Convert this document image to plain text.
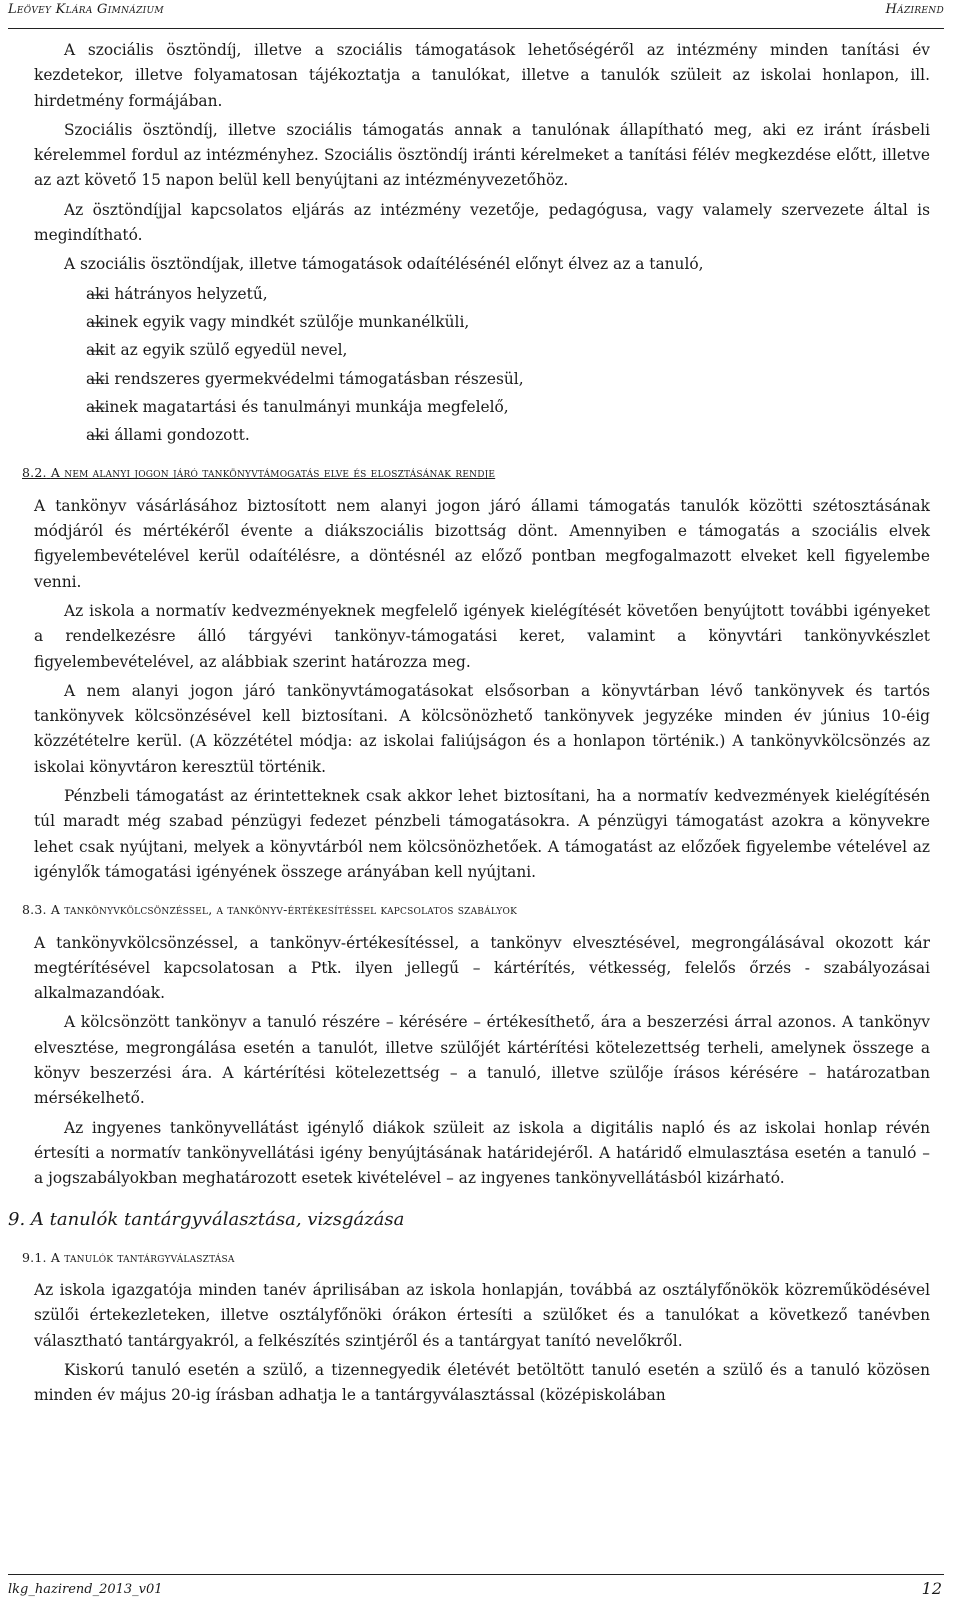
Leövey Klára Gimnázium	Házirend

A szociális ösztöndíj, illetve a szociális támogatások lehetőségéről az intézmény minden tanítási év kezdetekor, illetve folyamatosan tájékoztatja a tanulókat, illetve a tanulók szüleit az iskolai honlapon, ill. hirdetmény formájában.

Szociális ösztöndíj, illetve szociális támogatás annak a tanulónak állapítható meg, aki ez iránt írásbeli kérelemmel fordul az intézményhez. Szociális ösztöndíj iránti kérelmeket a tanítási félév megkezdése előtt, illetve az azt követő 15 napon belül kell benyújtani az intézményvezetőhöz.

Az ösztöndíjjal kapcsolatos eljárás az intézmény vezetője, pedagógusa, vagy valamely szervezete által is megindítható.

A szociális ösztöndíjak, illetve támogatások odaítélésénél előnyt élvez az a tanuló,

— aki hátrányos helyzetű,
— akinek egyik vagy mindkét szülője munkanélküli,
— akit az egyik szülő egyedül nevel,
— aki rendszeres gyermekvédelmi támogatásban részesül,
— akinek magatartási és tanulmányi munkája megfelelő,
— aki állami gondozott.
8.2. A nem alanyi jogon járó tankönyvtámogatás elve és elosztásának rendje

A tankönyv vásárlásához biztosított nem alanyi jogon járó állami támogatás tanulók közötti szétosztásának módjáról és mértékéről évente a diákszociális bizottság dönt. Amennyiben e támogatás a szociális elvek figyelembevételével kerül odaítélésre, a döntésnél az előző pontban megfogalmazott elveket kell figyelembe venni.

Az iskola a normatív kedvezményeknek megfelelő igények kielégítését követően benyújtott további igényeket a rendelkezésre álló tárgyévi tankönyv-támogatási keret, valamint a könyvtári tankönyvkészlet figyelembevételével, az alábbiak szerint határozza meg.

A nem alanyi jogon járó tankönyvtámogatásokat elsősorban a könyvtárban lévő tankönyvek és tartós tankönyvek kölcsönzésével kell biztosítani. A kölcsönözhető tankönyvek jegyzéke minden év június 10-éig közzétételre kerül. (A közzététel módja: az iskolai faliújságon és a honlapon történik.) A tankönyvkölcsönzés az iskolai könyvtáron keresztül történik.

Pénzbeli támogatást az érintetteknek csak akkor lehet biztosítani, ha a normatív kedvezmények kielégítésén túl maradt még szabad pénzügyi fedezet pénzbeli támogatásokra. A pénzügyi támogatást azokra a könyvekre lehet csak nyújtani, melyek a könyvtárból nem kölcsönözhetőek. A támogatást az előzőek figyelembe vételével az igénylők támogatási igényének összege arányában kell nyújtani.

8.3. A tankönyvkölcsönzéssel, a tankönyv-értékesítéssel kapcsolatos szabályok

A tankönyvkölcsönzéssel, a tankönyv-értékesítéssel, a tankönyv elvesztésével, megrongálásával okozott kár megtérítésével kapcsolatosan a Ptk. ilyen jellegű – kártérítés, vétkesség, felelős őrzés - szabályozásai alkalmazandóak.

A kölcsönzött tankönyv a tanuló részére – kérésére – értékesíthető, ára a beszerzési árral azonos. A tankönyv elvesztése, megrongálása esetén a tanulót, illetve szülőjét kártérítési kötelezettség terheli, amelynek összege a könyv beszerzési ára. A kártérítési kötelezettség – a tanuló, illetve szülője írásos kérésére – határozatban mérsékelhető.

Az ingyenes tankönyvellátást igénylő diákok szüleit az iskola a digitális napló és az iskolai honlap révén értesíti a normatív tankönyvellátási igény benyújtásának határidejéről. A határidő elmulasztása esetén a tanuló – a jogszabályokban meghatározott esetek kivételével – az ingyenes tankönyvellátásból kizárható.

9. A tanulók tantárgyválasztása, vizsgázása
9.1. A tanulók tantárgyválasztása

Az iskola igazgatója minden tanév áprilisában az iskola honlapján, továbbá az osztályfőnökök közreműködésével szülői értekezleteken, illetve osztályfőnöki órákon értesíti a szülőket és a tanulókat a következő tanévben választható tantárgyakról, a felkészítés szintjéről és a tantárgyat tanító nevelőkről.

Kiskorú tanuló esetén a szülő, a tizennegyedik életévét betöltött tanuló esetén a szülő és a tanuló közösen minden év május 20-ig írásban adhatja le a tantárgyválasztással (középiskolában

lkg_hazirend_2013_v01	12
